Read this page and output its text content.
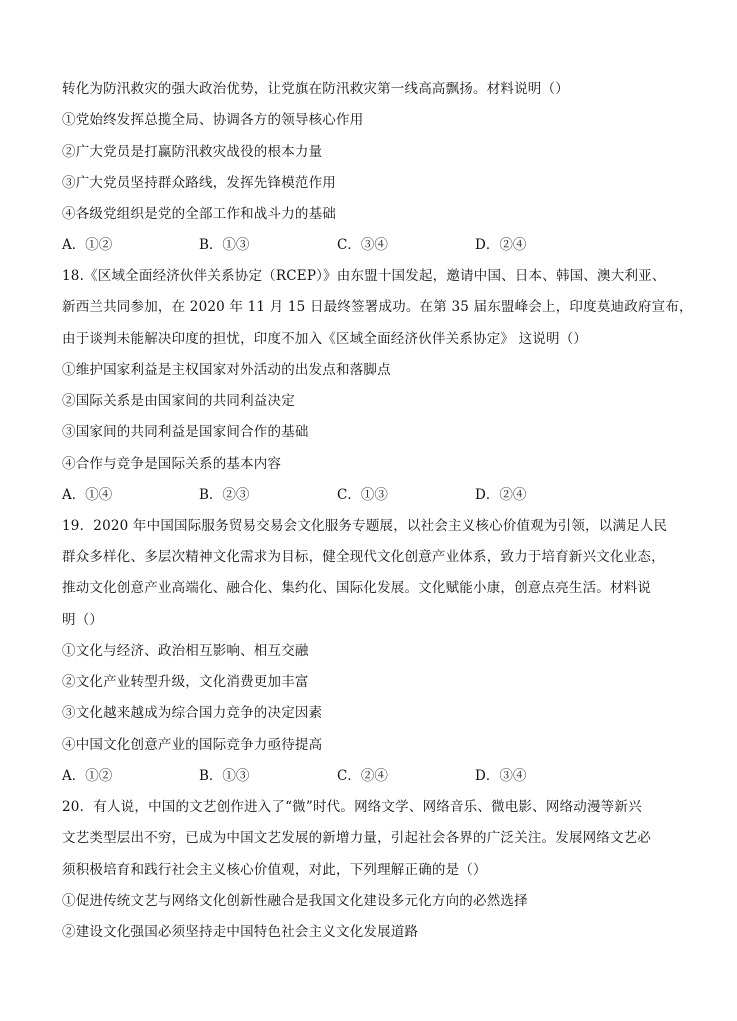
转化为防汛救灾的强大政治优势，让党旗在防汛救灾第一线高高飘扬。材料说明（）
①党始终发挥总揽全局、协调各方的领导核心作用
②广大党员是打赢防汛救灾战役的根本力量
③广大党员坚持群众路线，发挥先锋模范作用
④各级党组织是党的全部工作和战斗力的基础
A．①②	B．①③	C．③④	D．②④
18.《区域全面经济伙伴关系协定（RCEP）》由东盟十国发起，邀请中国、日本、韩国、澳大利亚、
新西兰共同参加，在 2020 年 11 月 15 日最终签署成功。在第 35 届东盟峰会上，印度莫迪政府宣布，
由于谈判未能解决印度的担忧，印度不加入《区域全面经济伙伴关系协定》 这说明（）
①维护国家利益是主权国家对外活动的出发点和落脚点
②国际关系是由国家间的共同利益决定
③国家间的共同利益是国家间合作的基础
④合作与竞争是国际关系的基本内容
A．①④	B．②③	C．①③	D．②④
19．2020 年中国国际服务贸易交易会文化服务专题展，以社会主义核心价值观为引领，以满足人民
群众多样化、多层次精神文化需求为目标，健全现代文化创意产业体系，致力于培育新兴文化业态，
推动文化创意产业高端化、融合化、集约化、国际化发展。文化赋能小康，创意点亮生活。材料说
明（）
①文化与经济、政治相互影响、相互交融
②文化产业转型升级，文化消费更加丰富
③文化越来越成为综合国力竞争的决定因素
④中国文化创意产业的国际竞争力亟待提高
A．①②	B．①③	C．②④	D．③④
20．有人说，中国的文艺创作进入了“微”时代。网络文学、网络音乐、微电影、网络动漫等新兴
文艺类型层出不穷，已成为中国文艺发展的新增力量，引起社会各界的广泛关注。发展网络文艺必
须积极培育和践行社会主义核心价值观，对此，下列理解正确的是（）
①促进传统文艺与网络文化创新性融合是我国文化建设多元化方向的必然选择
②建设文化强国必须坚持走中国特色社会主义文化发展道路
